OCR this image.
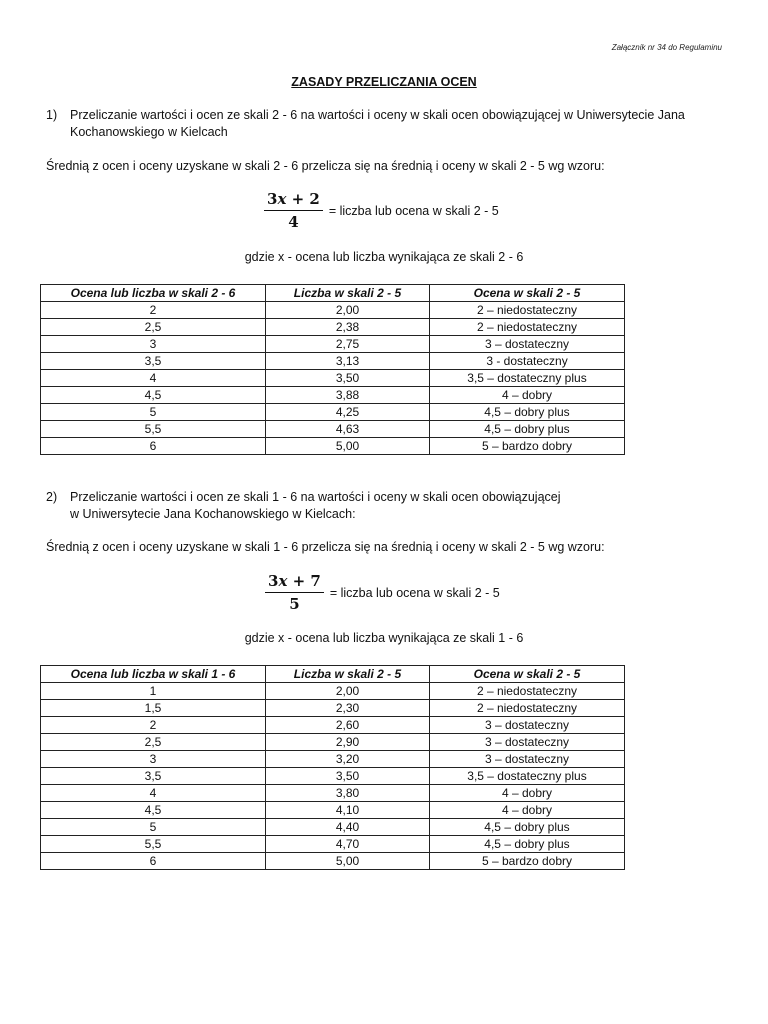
Załącznik nr 34 do Regulaminu
ZASADY PRZELICZANIA OCEN
1)	Przeliczanie wartości i ocen ze skali 2 - 6 na wartości i oceny w skali ocen obowiązującej w Uniwersytecie Jana Kochanowskiego w Kielcach
Średnią z ocen i oceny uzyskane w skali 2 - 6 przelicza się na średnią i oceny w skali 2 - 5 wg wzoru:
$\frac{3x + 2}{4}$ = liczba lub ocena w skali 2 - 5
gdzie x - ocena lub liczba wynikająca ze skali 2 - 6
Ocena lub liczba w skali 2 - 6	Liczba w skali 2 - 5	Ocena w skali 2 - 5
2	2,00	2 – niedostateczny
2,5	2,38	2 – niedostateczny
3	2,75	3 – dostateczny
3,5	3,13	3 - dostateczny
4	3,50	3,5 – dostateczny plus
4,5	3,88	4 – dobry
5	4,25	4,5 – dobry plus
5,5	4,63	4,5 – dobry plus
6	5,00	5 – bardzo dobry
2)	Przeliczanie wartości i ocen ze skali 1 - 6 na wartości i oceny w skali ocen obowiązującej w Uniwersytecie Jana Kochanowskiego w Kielcach:
Średnią z ocen i oceny uzyskane w skali 1 - 6 przelicza się na średnią i oceny w skali 2 - 5 wg wzoru:
$\frac{3x + 7}{5}$ = liczba lub ocena w skali 2 - 5
gdzie x - ocena lub liczba wynikająca ze skali 1 - 6
Ocena lub liczba w skali 1 - 6	Liczba w skali 2 - 5	Ocena w skali 2 - 5
1	2,00	2 – niedostateczny
1,5	2,30	2 – niedostateczny
2	2,60	3 – dostateczny
2,5	2,90	3 – dostateczny
3	3,20	3 – dostateczny
3,5	3,50	3,5 – dostateczny plus
4	3,80	4 – dobry
4,5	4,10	4 – dobry
5	4,40	4,5 – dobry plus
5,5	4,70	4,5 – dobry plus
6	5,00	5 – bardzo dobry
